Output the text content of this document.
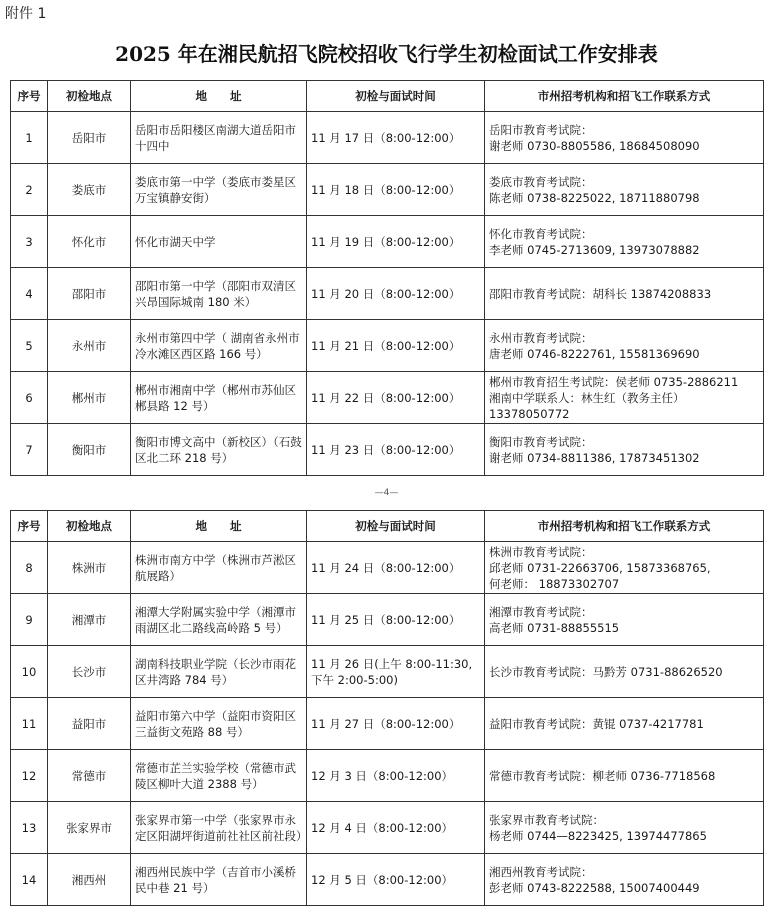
附件 1
2025 年在湘民航招飞院校招收飞行学生初检面试工作安排表
序号	初检地点	地　　址	初检与面试时间	市州招考机构和招飞工作联系方式

1	岳阳市	岳阳市岳阳楼区南湖大道岳阳市十四中	11 月 17 日（8:00-12:00）	岳阳市教育考试院：
谢老师 0730-8805586, 18684508090

2	娄底市	娄底市第一中学（娄底市娄星区万宝镇静安街）	11 月 18 日（8:00-12:00）	娄底市教育考试院：
陈老师 0738-8225022, 18711880798

3	怀化市	怀化市湖天中学	11 月 19 日（8:00-12:00）	怀化市教育考试院：
李老师 0745-2713609, 13973078882

4	邵阳市	邵阳市第一中学（邵阳市双清区兴昂国际城南 180 米）	11 月 20 日（8:00-12:00）	邵阳市教育考试院：胡科长 13874208833

5	永州市	永州市第四中学（ 湖南省永州市冷水滩区西区路 166 号）	11 月 21 日（8:00-12:00）	永州市教育考试院：
唐老师 0746-8222761, 15581369690

6	郴州市	郴州市湘南中学（郴州市苏仙区郴县路 12 号）	11 月 22 日（8:00-12:00）	郴州市教育招生考试院：侯老师 0735-2886211
湘南中学联系人：林生红（教务主任）13378050772

7	衡阳市	衡阳市博文高中（新校区）（石鼓区北二环 218 号）	11 月 23 日（8:00-12:00）	衡阳市教育考试院：
谢老师 0734-8811386, 17873451302
—4—
序号	初检地点	地　　址	初检与面试时间	市州招考机构和招飞工作联系方式

8	株洲市	株洲市南方中学（株洲市芦淞区航展路）	11 月 24 日（8:00-12:00）	株洲市教育考试院：
邱老师 0731-22663706, 15873368765,
何老师： 18873302707

9	湘潭市	湘潭大学附属实验中学（湘潭市雨湖区北二路线高岭路 5 号）	11 月 25 日（8:00-12:00）	湘潭市教育考试院：
高老师 0731-88855515

10	长沙市	湖南科技职业学院（长沙市雨花区井湾路 784 号）	11 月 26 日(上午 8:00-11:30,
下午 2:00-5:00)	长沙市教育考试院：马黔芳 0731-88626520

11	益阳市	益阳市第六中学（益阳市资阳区三益街文苑路 88 号）	11 月 27 日（8:00-12:00）	益阳市教育考试院：黄锟 0737-4217781

12	常德市	常德市芷兰实验学校（常德市武陵区柳叶大道 2388 号）	12 月 3 日（8:00-12:00）	常德市教育考试院：柳老师 0736-7718568

13	张家界市	张家界市第一中学（张家界市永定区阳湖坪街道前社社区前社段）	12 月 4 日（8:00-12:00）	张家界市教育考试院：
杨老师 0744—8223425, 13974477865

14	湘西州	湘西州民族中学（吉首市小溪桥民中巷 21 号）	12 月 5 日（8:00-12:00）	湘西州教育考试院：
彭老师 0743-8222588, 15007400449
